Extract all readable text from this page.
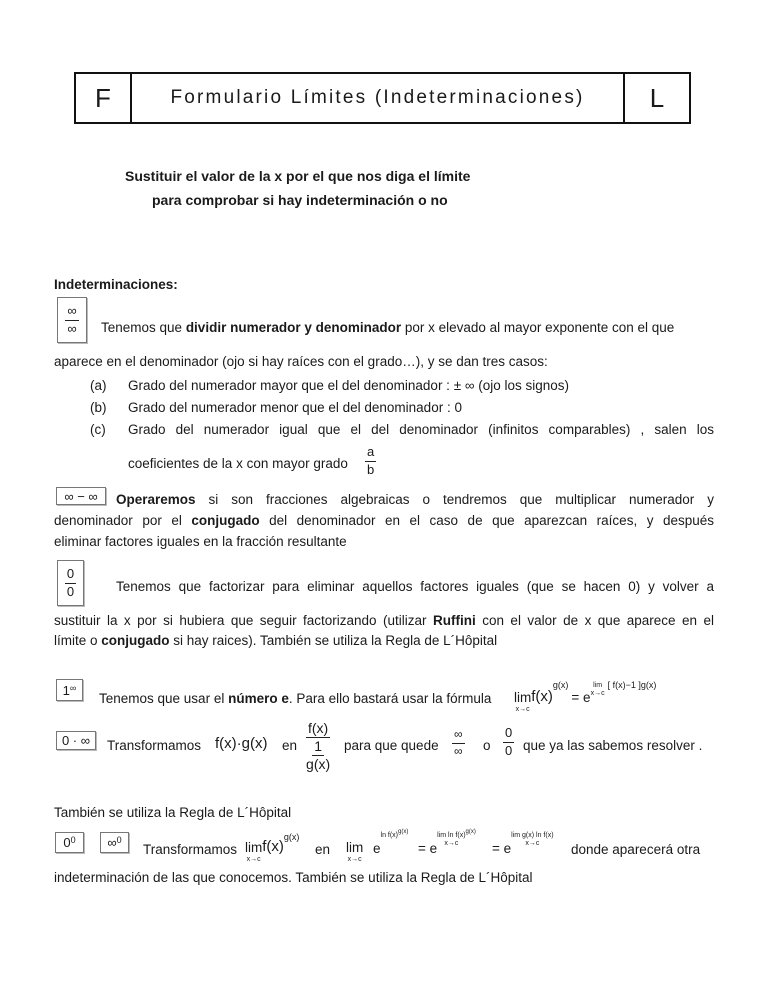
F	Formulario Límites (Indeterminaciones)	L
Sustituir el valor de la x por el que nos diga el límite
para comprobar si hay indeterminación o no
Indeterminaciones:
$\frac{\infty}{\infty}$ Tenemos que dividir numerador y denominador por x elevado al mayor exponente con el que
aparece en el denominador (ojo si hay raíces con el grado…), y se dan tres casos:
(a) Grado del numerador mayor que el del denominador : ± ∞ (ojo los signos)
(b) Grado del numerador menor que el del denominador : 0
(c) Grado del numerador igual que el del denominador (infinitos comparables) , salen los
coeficientes de la x con mayor grado $\frac{a}{b}$
∞ − ∞	Operaremos si son fracciones algebraicas o tendremos que multiplicar numerador y
denominador por el conjugado del denominador en el caso de que aparezcan raíces, y después
eliminar factores iguales en la fracción resultante
$\frac{0}{0}$	Tenemos que factorizar para eliminar aquellos factores iguales (que se hacen 0) y volver a
sustituir la x por si hubiera que seguir factorizando (utilizar Ruffini con el valor de x que aparece en el
límite o conjugado si hay raices). También se utiliza la Regla de L´Hôpital
1 ∞
Tenemos que usar el número e. Para ello bastará usar la fórmula lim
x→c
f(x)
$^{g(x)}$
= e
lim
x→c
$^{[ f(x)-1 ]g(x)}$
0 · ∞	Transformamos f(x)·g(x) en $\frac{f(x)}{\frac{1}{g(x)}}$ para que quede
∞
∞ o $\frac{0}{0}$ que ya las sabemos resolver .
También se utiliza la Regla de L´Hôpital
0 0 ∞ 0
Transformamos lim
x→c
f(x)
$^{g(x)}$
en lim
x→c
e
$^{ln f(x)}$ g(x)
= e
lim ln f(x)
x→c
g(x)
= e
lim g(x) ln f(x)
x→c donde aparecerá otra
indeterminación de las que conocemos. También se utiliza la Regla de L´Hôpital
